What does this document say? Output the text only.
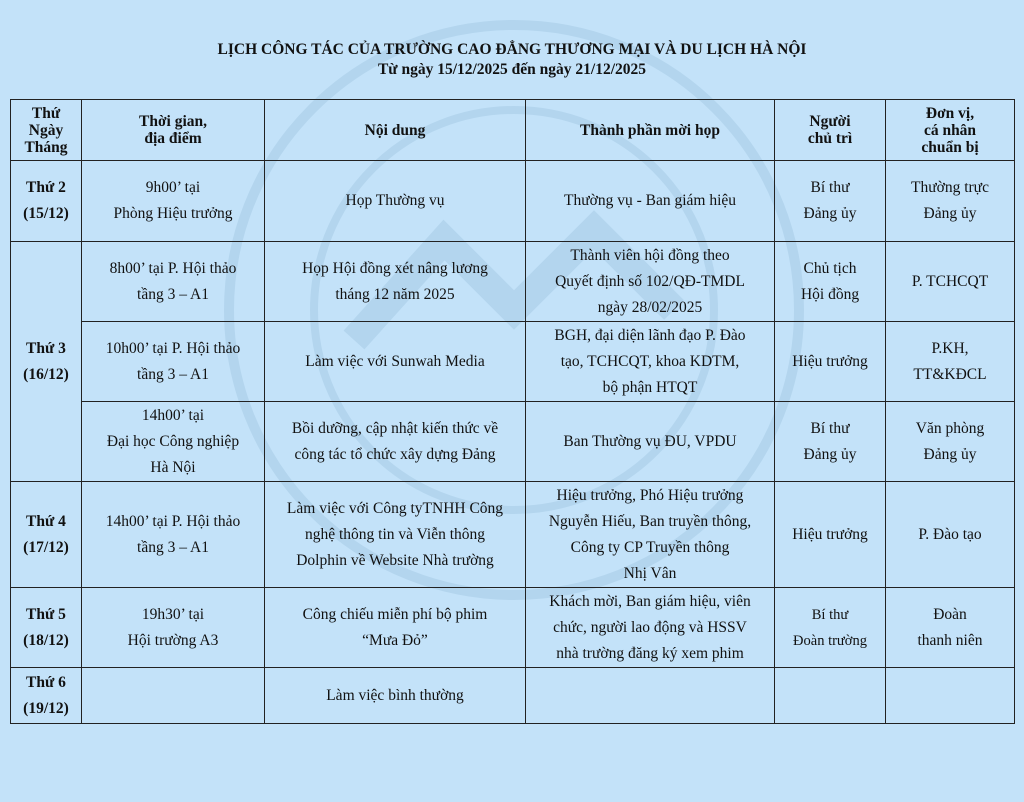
LỊCH CÔNG TÁC CỦA TRƯỜNG CAO ĐẲNG THƯƠNG MẠI VÀ DU LỊCH HÀ NỘI
Từ ngày 15/12/2025 đến ngày 21/12/2025
Thứ
Ngày
Tháng	Thời gian,
địa điểm	Nội dung	Thành phần mời họp	Người
chủ trì	Đơn vị,
cá nhân
chuẩn bị

Thứ 2
(15/12)	9h00’ tại
Phòng Hiệu trưởng	Họp Thường vụ	Thường vụ - Ban giám hiệu	Bí thư
Đảng ủy	Thường trực
Đảng ủy

Thứ 3
(16/12)	8h00’ tại P. Hội thảo
tầng 3 – A1	Họp Hội đồng xét nâng lương
tháng 12 năm 2025	Thành viên hội đồng theo
Quyết định số 102/QĐ-TMDL
ngày 28/02/2025	Chủ tịch
Hội đồng	P. TCHCQT

	10h00’ tại P. Hội thảo
tầng 3 – A1	Làm việc với Sunwah Media	BGH, đại diện lãnh đạo P. Đào
tạo, TCHCQT, khoa KDTM,
bộ phận HTQT	Hiệu trưởng	P.KH,
TT&KĐCL

	14h00’ tại
Đại học Công nghiệp
Hà Nội	Bồi dưỡng, cập nhật kiến thức về
công tác tổ chức xây dựng Đảng	Ban Thường vụ ĐU, VPDU	Bí thư
Đảng ủy	Văn phòng
Đảng ủy

Thứ 4
(17/12)	14h00’ tại P. Hội thảo
tầng 3 – A1	Làm việc với Công tyTNHH Công
nghệ thông tin và Viễn thông
Dolphin về Website Nhà trường	Hiệu trưởng, Phó Hiệu trưởng
Nguyễn Hiếu, Ban truyền thông,
Công ty CP Truyền thông
Nhị Vân	Hiệu trưởng	P. Đào tạo

Thứ 5
(18/12)	19h30’ tại
Hội trường A3	Công chiếu miễn phí bộ phim
“Mưa Đỏ”	Khách mời, Ban giám hiệu, viên
chức, người lao động và HSSV
nhà trường đăng ký xem phim	Bí thư
Đoàn trường	Đoàn
thanh niên

Thứ 6
(19/12)		Làm việc bình thường			
